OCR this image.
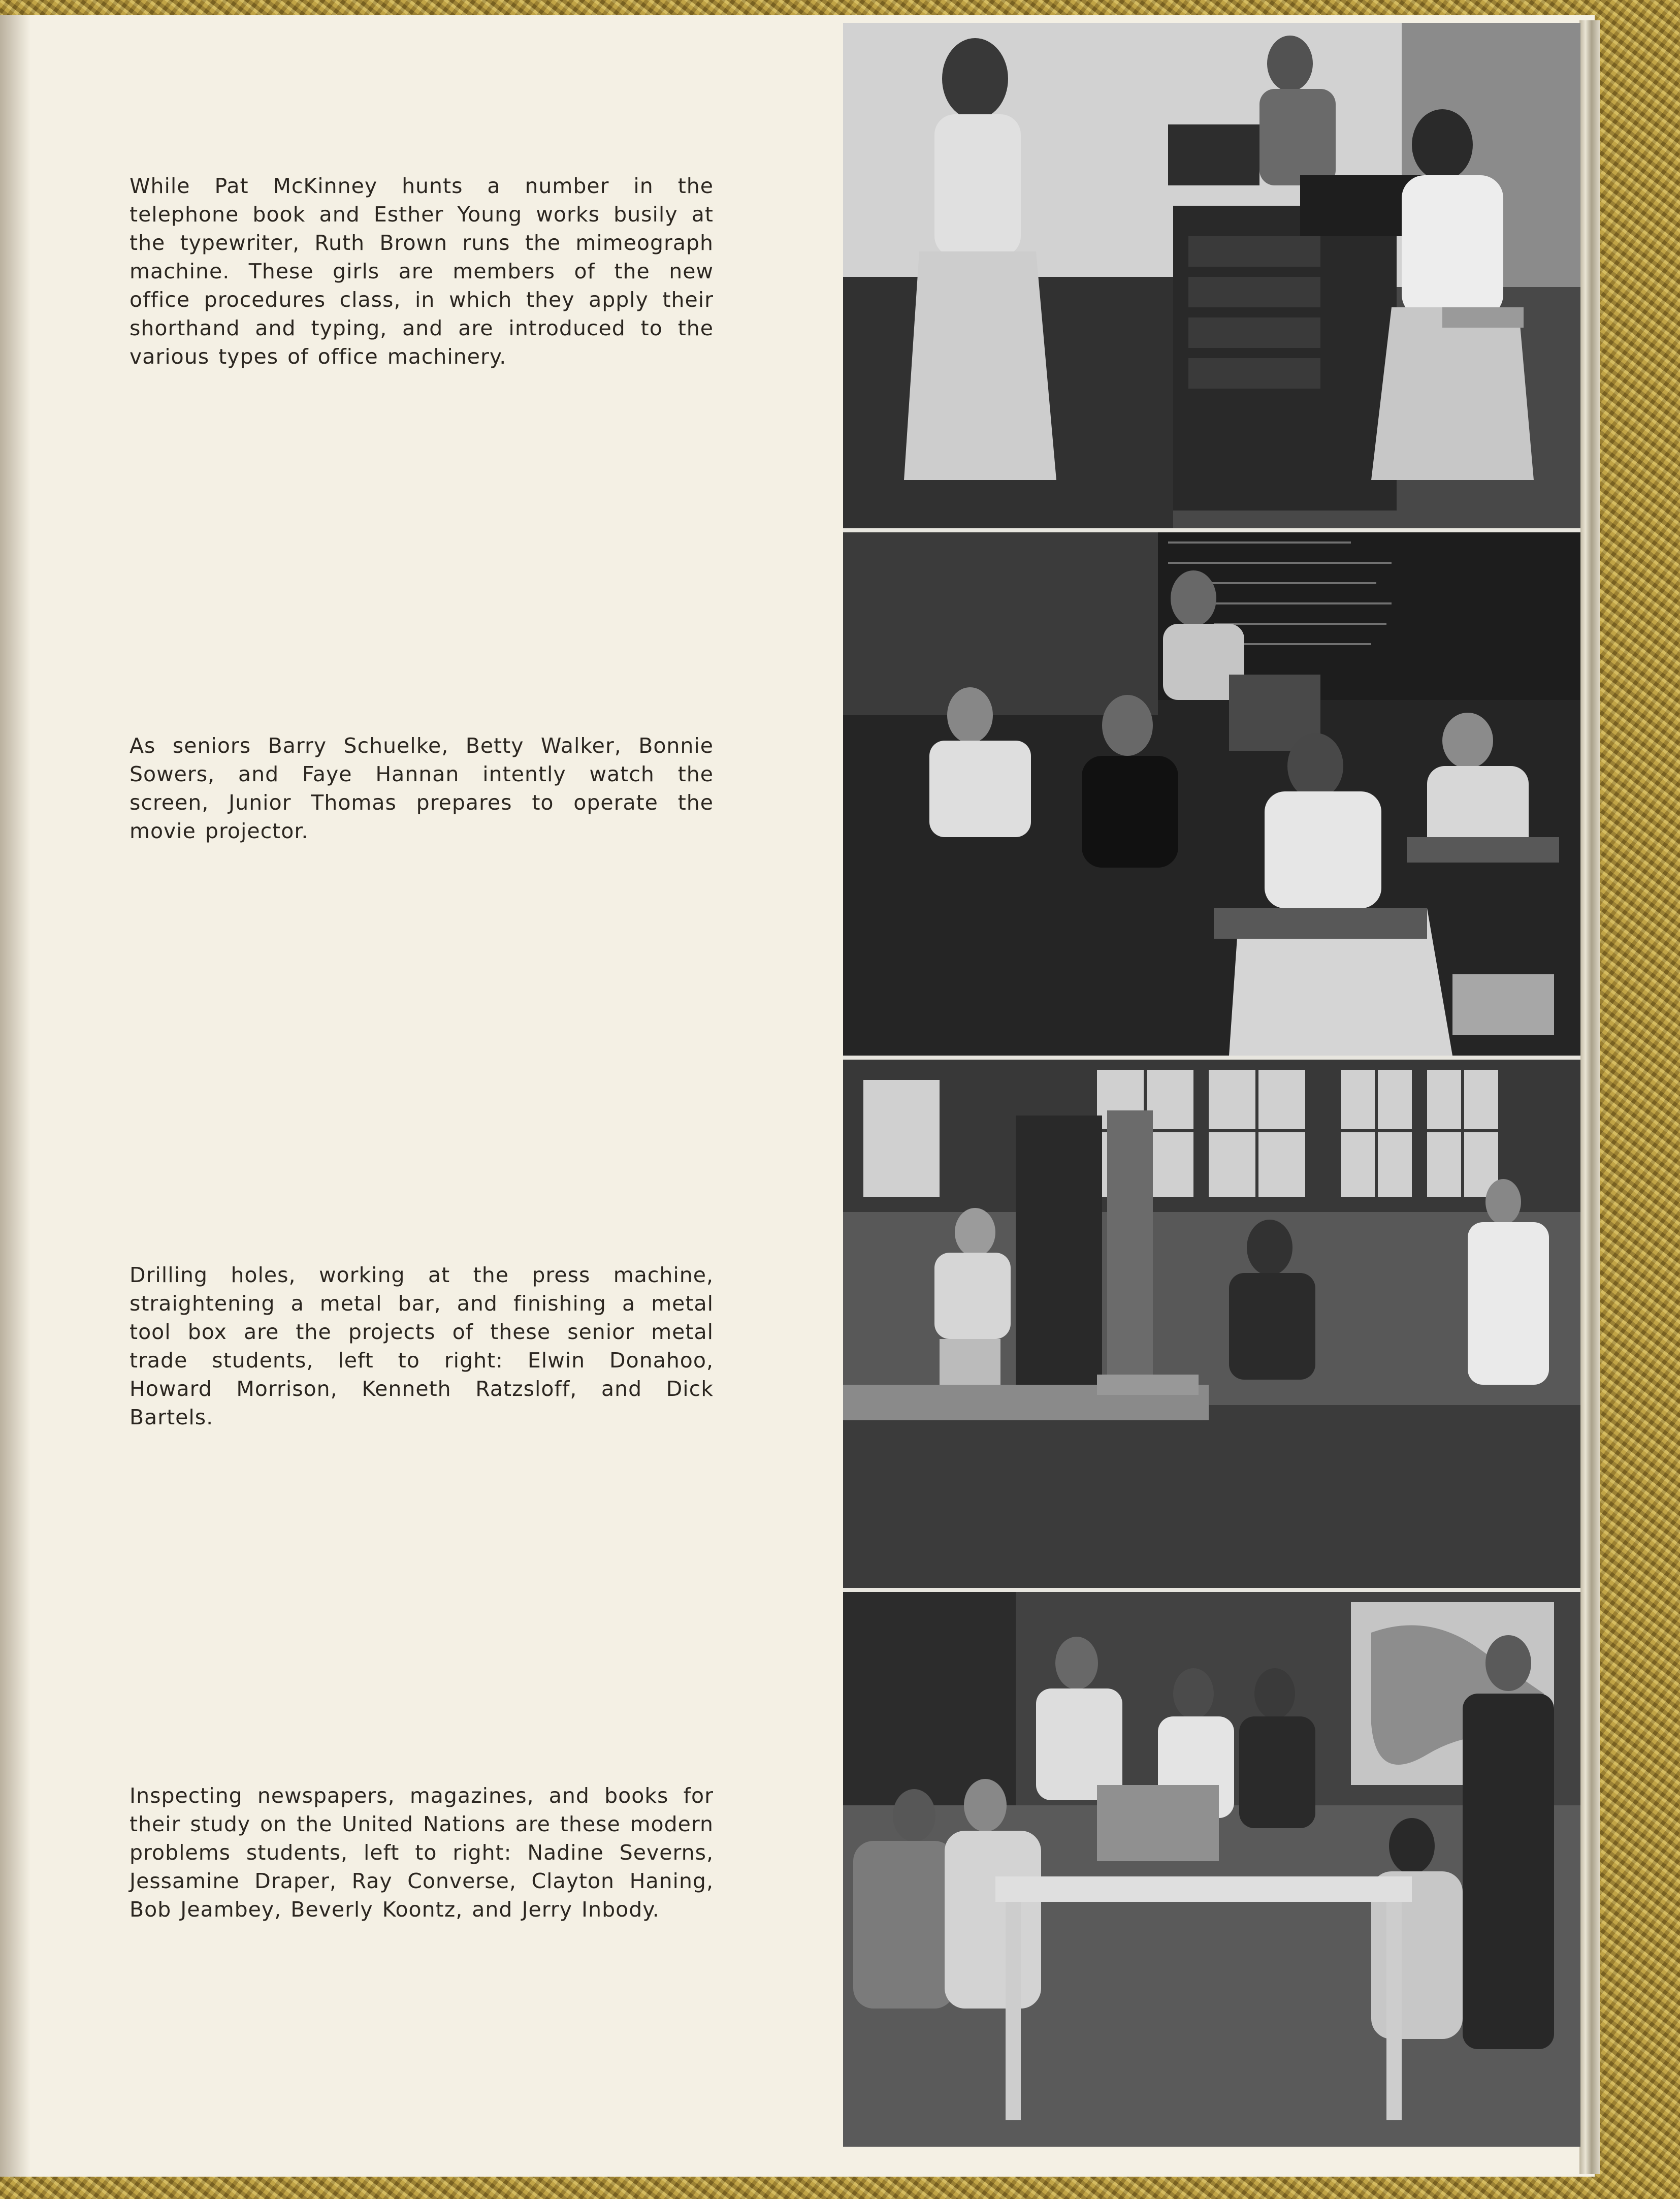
While Pat McKinney hunts a number in the telephone book and Esther Young works busily at the typewriter, Ruth Brown runs the mimeograph machine. These girls are members of the new office procedures class, in which they apply their shorthand and typing, and are introduced to the various types of office machinery.

As seniors Barry Schuelke, Betty Walker, Bonnie Sowers, and Faye Hannan intently watch the screen, Junior Thomas prepares to operate the movie projector.

Drilling holes, working at the press machine, straightening a metal bar, and finishing a metal tool box are the projects of these senior metal trade students, left to right: Elwin Donahoo, Howard Morrison, Kenneth Ratzsloff, and Dick Bartels.

Inspecting newspapers, magazines, and books for their study on the United Nations are these modern problems students, left to right: Nadine Severns, Jessamine Draper, Ray Converse, Clayton Haning, Bob Jeambey, Beverly Koontz, and Jerry Inbody.
